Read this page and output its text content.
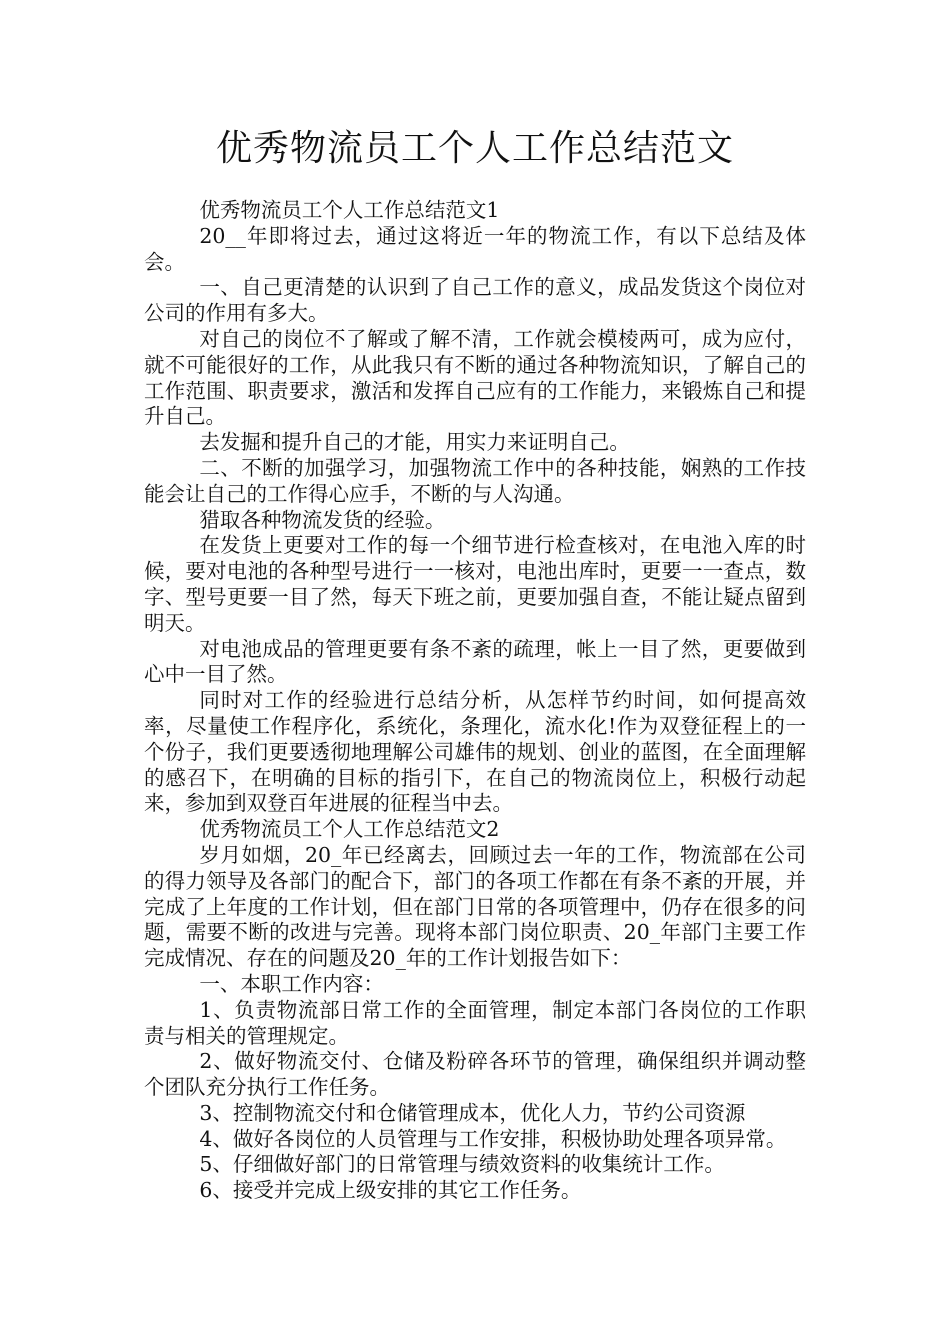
优秀物流员工个人工作总结范文

优秀物流员工个人工作总结范文1

20__年即将过去，通过这将近一年的物流工作，有以下总结及体会。

一、自己更清楚的认识到了自己工作的意义，成品发货这个岗位对公司的作用有多大。

对自己的岗位不了解或了解不清，工作就会模棱两可，成为应付，就不可能很好的工作，从此我只有不断的通过各种物流知识，了解自己的工作范围、职责要求，激活和发挥自己应有的工作能力，来锻炼自己和提升自己。

去发掘和提升自己的才能，用实力来证明自己。

二、不断的加强学习，加强物流工作中的各种技能，娴熟的工作技能会让自己的工作得心应手，不断的与人沟通。

猎取各种物流发货的经验。

在发货上更要对工作的每一个细节进行检查核对，在电池入库的时候，要对电池的各种型号进行一一核对，电池出库时，更要一一查点，数字、型号更要一目了然，每天下班之前，更要加强自查，不能让疑点留到明天。

对电池成品的管理更要有条不紊的疏理，帐上一目了然，更要做到心中一目了然。

同时对工作的经验进行总结分析，从怎样节约时间，如何提高效率，尽量使工作程序化，系统化，条理化，流水化!作为双登征程上的一个份子，我们更要透彻地理解公司雄伟的规划、创业的蓝图，在全面理解的感召下，在明确的目标的指引下，在自己的物流岗位上，积极行动起来，参加到双登百年进展的征程当中去。

优秀物流员工个人工作总结范文2

岁月如烟，20_年已经离去，回顾过去一年的工作，物流部在公司的得力领导及各部门的配合下，部门的各项工作都在有条不紊的开展，并完成了上年度的工作计划，但在部门日常的各项管理中，仍存在很多的问题，需要不断的改进与完善。现将本部门岗位职责、20_年部门主要工作完成情况、存在的问题及20_年的工作计划报告如下：

一、本职工作内容：

1、负责物流部日常工作的全面管理，制定本部门各岗位的工作职责与相关的管理规定。

2、做好物流交付、仓储及粉碎各环节的管理，确保组织并调动整个团队充分执行工作任务。

3、控制物流交付和仓储管理成本，优化人力，节约公司资源

4、做好各岗位的人员管理与工作安排，积极协助处理各项异常。

5、仔细做好部门的日常管理与绩效资料的收集统计工作。

6、接受并完成上级安排的其它工作任务。
